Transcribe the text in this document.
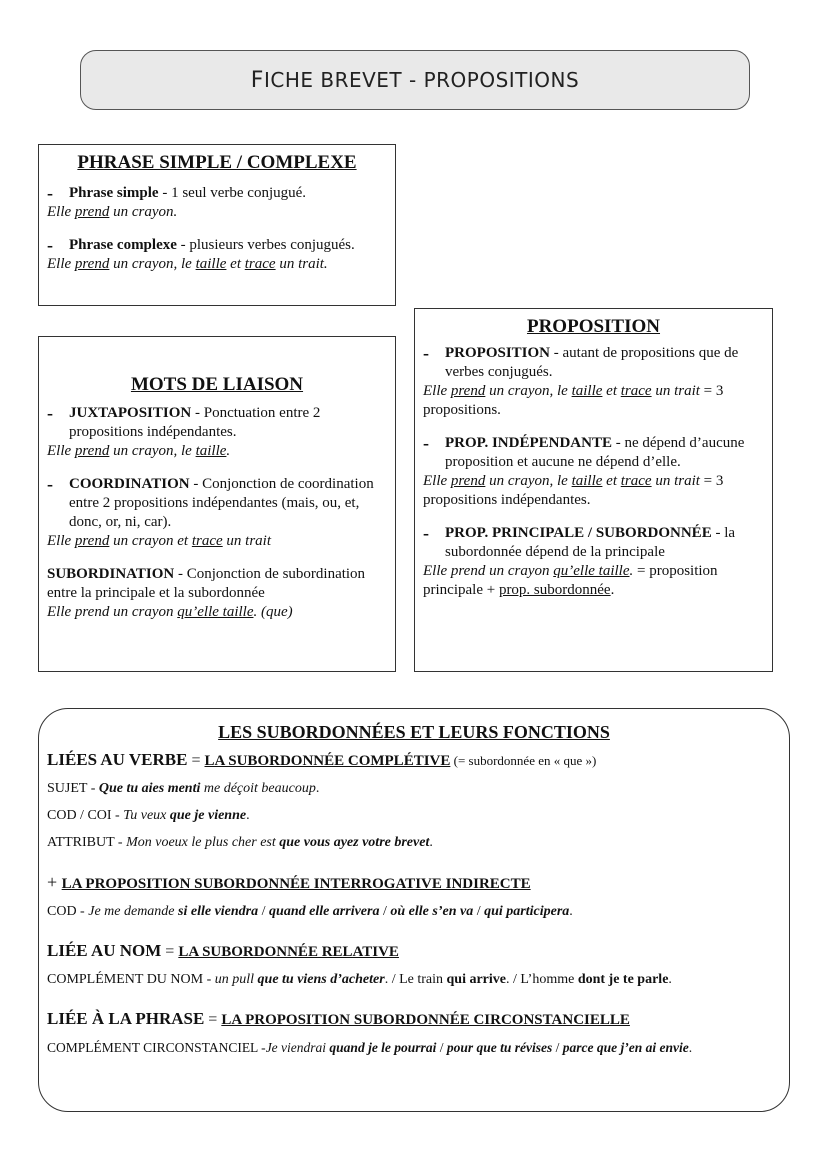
FICHE BREVET - PROPOSITIONS
PHRASE SIMPLE / COMPLEXE
-	Phrase simple - 1 seul verbe conjugué.
Elle prend un crayon.
-	Phrase complexe - plusieurs verbes conjugués.
Elle prend un crayon, le taille et trace un trait.
MOTS DE LIAISON
-	JUXTAPOSITION - Ponctuation entre 2 propositions indépendantes.
Elle prend un crayon, le taille.
-	COORDINATION - Conjonction de coordination entre 2 propositions indépendantes (mais, ou, et, donc, or, ni, car).
Elle prend un crayon et trace un trait
SUBORDINATION - Conjonction de subordination entre la principale et la subordonnée
Elle prend un crayon qu’elle taille. (que)
PROPOSITION
-	PROPOSITION - autant de propositions que de verbes conjugués.
Elle prend un crayon, le taille et trace un trait = 3 propositions.
-	PROP. INDÉPENDANTE - ne dépend d’aucune proposition et aucune ne dépend d’elle.
Elle prend un crayon, le taille et trace un trait = 3 propositions indépendantes.
-	PROP. PRINCIPALE / SUBORDONNÉE - la subordonnée dépend de la principale
Elle prend un crayon qu’elle taille. = proposition principale + prop. subordonnée.
LES SUBORDONNÉES ET LEURS FONCTIONS
LIÉES AU VERBE = LA SUBORDONNÉE COMPLÉTIVE (= subordonnée en « que »)
SUJET - Que tu aies menti me déçoit beaucoup.
COD / COI - Tu veux que je vienne.
ATTRIBUT - Mon voeux le plus cher est que vous ayez votre brevet.
+ LA PROPOSITION SUBORDONNÉE INTERROGATIVE INDIRECTE
COD - Je me demande si elle viendra / quand elle arrivera / où elle s’en va / qui participera.
LIÉE AU NOM = LA SUBORDONNÉE RELATIVE
COMPLÉMENT DU NOM - un pull que tu viens d’acheter. / Le train qui arrive. / L’homme dont je te parle.
LIÉE À LA PHRASE = LA PROPOSITION SUBORDONNÉE CIRCONSTANCIELLE
COMPLÉMENT CIRCONSTANCIEL -Je viendrai quand je le pourrai / pour que tu révises / parce que j’en ai envie.
